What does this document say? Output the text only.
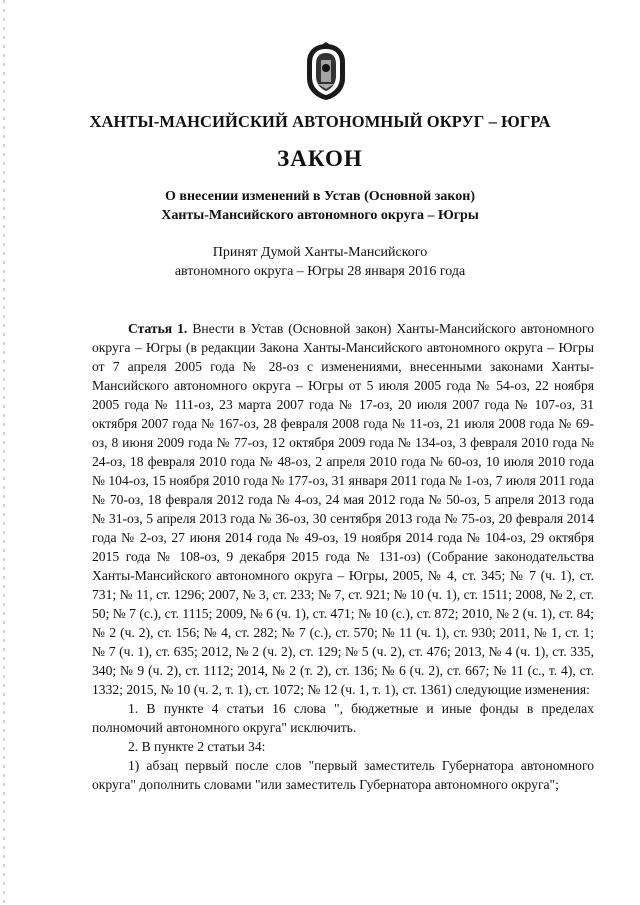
ХАНТЫ-МАНСИЙСКИЙ АВТОНОМНЫЙ ОКРУГ – ЮГРА
ЗАКОН
О внесении изменений в Устав (Основной закон)
Ханты-Мансийского автономного округа – Югры
Принят Думой Ханты-Мансийского
автономного округа – Югры 28 января 2016 года

Статья 1. Внести в Устав (Основной закон) Ханты-Мансийского автономного округа – Югры (в редакции Закона Ханты-Мансийского автономного округа – Югры от 7 апреля 2005 года № 28-оз с изменениями, внесенными законами Ханты-Мансийского автономного округа – Югры от 5 июля 2005 года № 54-оз, 22 ноября 2005 года № 111-оз, 23 марта 2007 года № 17-оз, 20 июля 2007 года № 107-оз, 31 октября 2007 года № 167-оз, 28 февраля 2008 года № 11-оз, 21 июля 2008 года № 69-оз, 8 июня 2009 года № 77-оз, 12 октября 2009 года № 134-оз, 3 февраля 2010 года № 24-оз, 18 февраля 2010 года № 48-оз, 2 апреля 2010 года № 60-оз, 10 июля 2010 года № 104-оз, 15 ноября 2010 года № 177-оз, 31 января 2011 года № 1-оз, 7 июля 2011 года № 70-оз, 18 февраля 2012 года № 4-оз, 24 мая 2012 года № 50-оз, 5 апреля 2013 года № 31-оз, 5 апреля 2013 года № 36-оз, 30 сентября 2013 года № 75-оз, 20 февраля 2014 года № 2-оз, 27 июня 2014 года № 49-оз, 19 ноября 2014 года № 104-оз, 29 октября 2015 года № 108-оз, 9 декабря 2015 года № 131-оз) (Собрание законодательства Ханты-Мансийского автономного округа – Югры, 2005, № 4, ст. 345; № 7 (ч. 1), ст. 731; № 11, ст. 1296; 2007, № 3, ст. 233; № 7, ст. 921; № 10 (ч. 1), ст. 1511; 2008, № 2, ст. 50; № 7 (с.), ст. 1115; 2009, № 6 (ч. 1), ст. 471; № 10 (с.), ст. 872; 2010, № 2 (ч. 1), ст. 84; № 2 (ч. 2), ст. 156; № 4, ст. 282; № 7 (с.), ст. 570; № 11 (ч. 1), ст. 930; 2011, № 1, ст. 1; № 7 (ч. 1), ст. 635; 2012, № 2 (ч. 2), ст. 129; № 5 (ч. 2), ст. 476; 2013, № 4 (ч. 1), ст. 335, 340; № 9 (ч. 2), ст. 1112; 2014, № 2 (т. 2), ст. 136; № 6 (ч. 2), ст. 667; № 11 (с., т. 4), ст. 1332; 2015, № 10 (ч. 2, т. 1), ст. 1072; № 12 (ч. 1, т. 1), ст. 1361) следующие изменения:

1. В пункте 4 статьи 16 слова ", бюджетные и иные фонды в пределах полномочий автономного округа" исключить.

2. В пункте 2 статьи 34:

1) абзац первый после слов "первый заместитель Губернатора автономного округа" дополнить словами "или заместитель Губернатора автономного округа";
